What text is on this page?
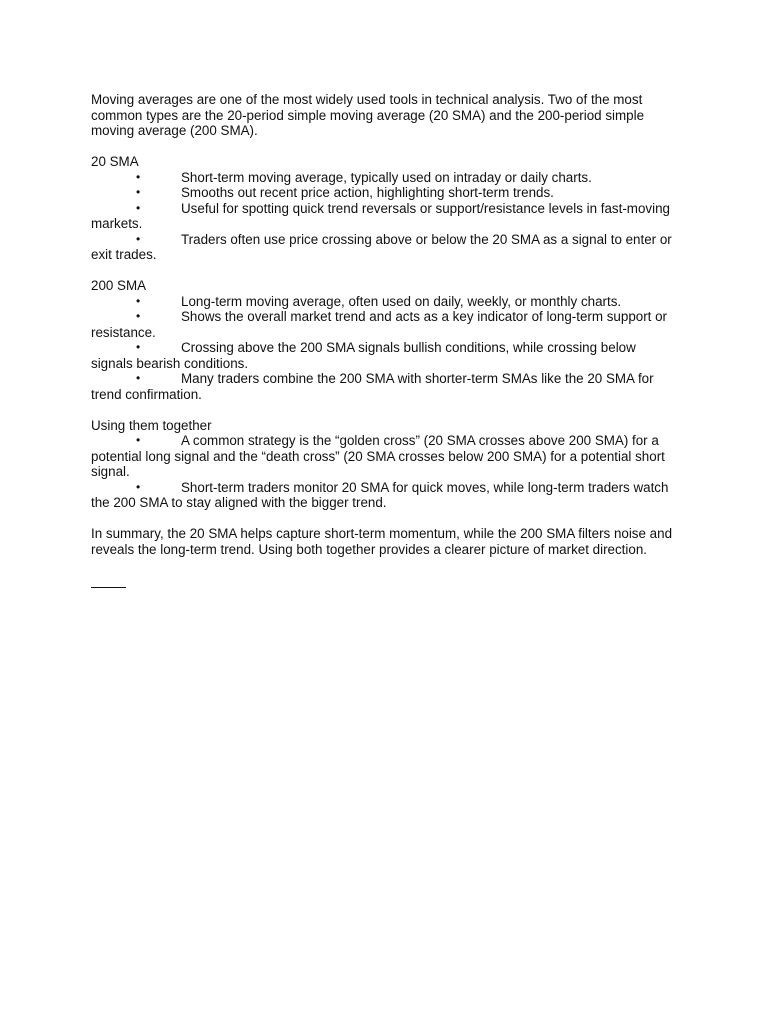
Moving averages are one of the most widely used tools in technical analysis. Two of the most common types are the 20-period simple moving average (20 SMA) and the 200-period simple moving average (200 SMA).

20 SMA

•	Short-term moving average, typically used on intraday or daily charts.
•	Smooths out recent price action, highlighting short-term trends.
•	Useful for spotting quick trend reversals or support/resistance levels in fast-moving markets.
•	Traders often use price crossing above or below the 20 SMA as a signal to enter or exit trades.

200 SMA

•	Long-term moving average, often used on daily, weekly, or monthly charts.
•	Shows the overall market trend and acts as a key indicator of long-term support or resistance.
•	Crossing above the 200 SMA signals bullish conditions, while crossing below signals bearish conditions.
•	Many traders combine the 200 SMA with shorter-term SMAs like the 20 SMA for trend confirmation.

Using them together

•	A common strategy is the “golden cross” (20 SMA crosses above 200 SMA) for a potential long signal and the “death cross” (20 SMA crosses below 200 SMA) for a potential short signal.
•	Short-term traders monitor 20 SMA for quick moves, while long-term traders watch the 200 SMA to stay aligned with the bigger trend.

In summary, the 20 SMA helps capture short-term momentum, while the 200 SMA filters noise and reveals the long-term trend. Using both together provides a clearer picture of market direction.
